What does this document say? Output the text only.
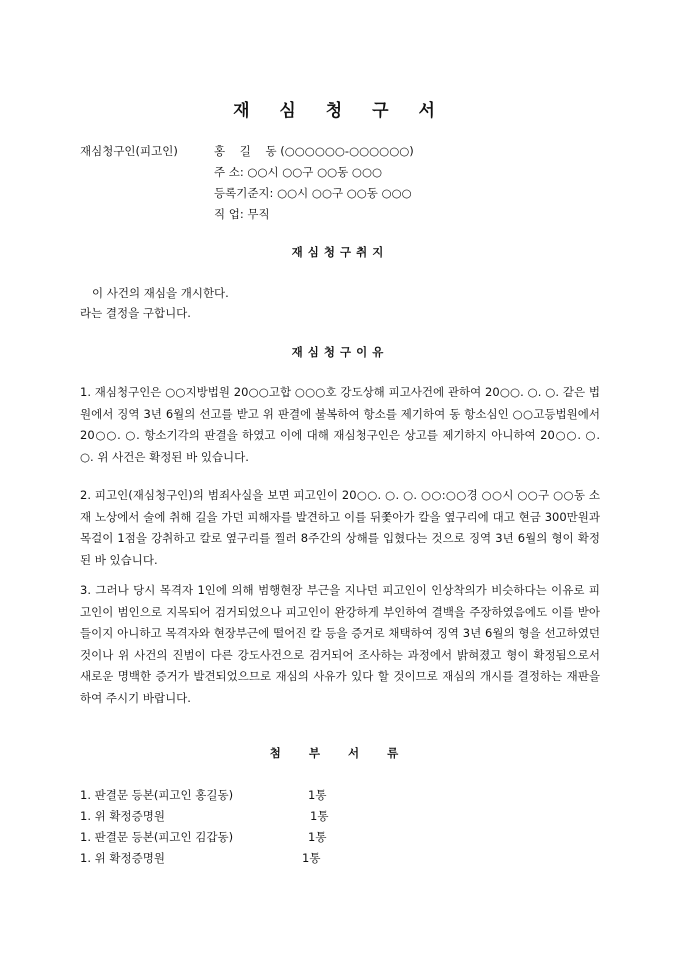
재 심 청 구 서
재심청구인(피고인)	홍    길    동 (○○○○○○-○○○○○○)
주 소: ○○시 ○○구 ○○동 ○○○
등록기준지: ○○시 ○○구 ○○동 ○○○
직 업: 무직
재심청구취지
이 사건의 재심을 개시한다.
라는 결정을 구합니다.
재심청구이유
1. 재심청구인은 ○○지방법원 20○○고합 ○○○호 강도상해 피고사건에 관하여 20○○. ○. ○. 같은 법원에서 징역 3년 6월의 선고를 받고 위 판결에 불복하여 항소를 제기하여 동 항소심인 ○○고등법원에서 20○○. ○. 항소기각의 판결을 하였고 이에 대해 재심청구인은 상고를 제기하지 아니하여 20○○. ○. ○. 위 사건은 확정된 바 있습니다.
2. 피고인(재심청구인)의 범죄사실을 보면 피고인이 20○○. ○. ○. ○○:○○경 ○○시 ○○구 ○○동 소재 노상에서 술에 취해 길을 가던 피해자를 발견하고 이를 뒤쫓아가 칼을 옆구리에 대고 현금 300만원과 목걸이 1점을 강취하고 칼로 옆구리를 찔러 8주간의 상해를 입혔다는 것으로 징역 3년 6월의 형이 확정된 바 있습니다.
3. 그러나 당시 목격자 1인에 의해 범행현장 부근을 지나던 피고인이 인상착의가 비슷하다는 이유로 피고인이 범인으로 지목되어 검거되었으나 피고인이 완강하게 부인하여 결백을 주장하였음에도 이를 받아들이지 아니하고 목격자와 현장부근에 떨어진 칼 등을 증거로 채택하여 징역 3년 6월의 형을 선고하였던 것이나 위 사건의 진범이 다른 강도사건으로 검거되어 조사하는 과정에서 밝혀졌고 형이 확정됨으로서 새로운 명백한 증거가 발견되었으므로 재심의 사유가 있다 할 것이므로 재심의 개시를 결정하는 재판을 하여 주시기 바랍니다.
첨 부 서 류
1. 판결문 등본(피고인 홍길동)	1통
1. 위 확정증명원	1통
1. 판결문 등본(피고인 김갑동)	1통
1. 위 확정증명원	1통
